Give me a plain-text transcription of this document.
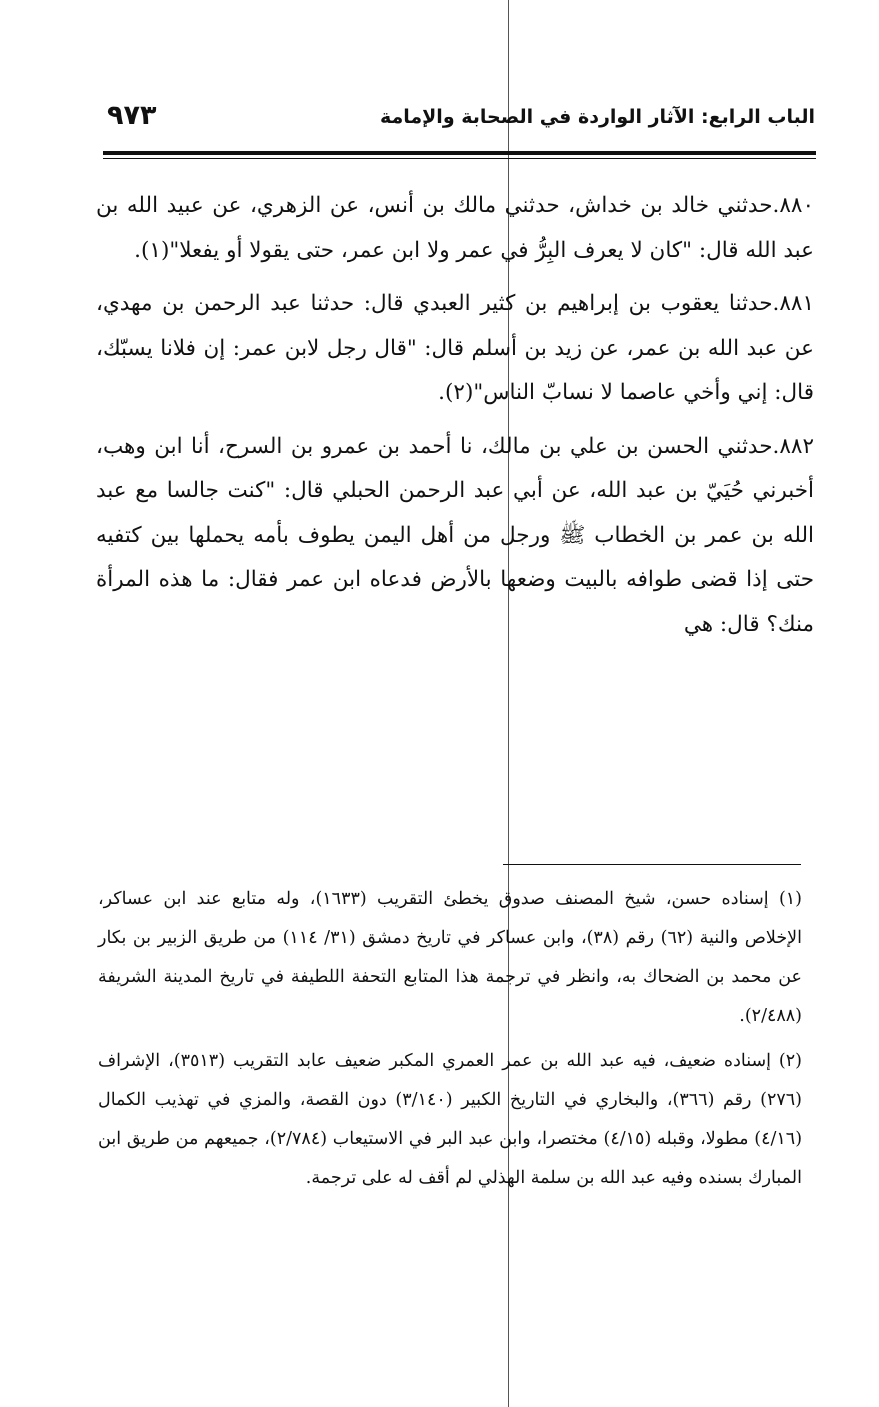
الباب الرابع: الآثار الواردة في الصحابة والإمامة
٩٧٣

٨٨٠.حدثني خالد بن خداش، حدثني مالك بن أنس، عن الزهري، عن عبيد الله بن عبد الله قال: "كان لا يعرف البِرُّ في عمر ولا ابن عمر، حتى يقولا أو يفعلا"(١).

٨٨١.حدثنا يعقوب بن إبراهيم بن كثير العبدي قال: حدثنا عبد الرحمن بن مهدي، عن عبد الله بن عمر، عن زيد بن أسلم قال: "قال رجل لابن عمر: إن فلانا يسبّك، قال: إني وأخي عاصما لا نسابّ الناس"(٢).

٨٨٢.حدثني الحسن بن علي بن مالك، نا أحمد بن عمرو بن السرح، أنا ابن وهب، أخبرني حُيَيّ بن عبد الله، عن أبي عبد الرحمن الحبلي قال: "كنت جالسا مع عبد الله بن عمر بن الخطاب ﷺ ورجل من أهل اليمن يطوف بأمه يحملها بين كتفيه حتى إذا قضى طوافه بالبيت وضعها بالأرض فدعاه ابن عمر فقال: ما هذه المرأة منك؟ قال: هي

(١) إسناده حسن، شيخ المصنف صدوق يخطئ التقريب (١٦٣٣)، وله متابع عند ابن عساكر، الإخلاص والنية (٦٢) رقم (٣٨)، وابن عساكر في تاريخ دمشق (٣١/ ١١٤) من طريق الزبير بن بكار عن محمد بن الضحاك به، وانظر في ترجمة هذا المتابع التحفة اللطيفة في تاريخ المدينة الشريفة (٢/٤٨٨).

(٢) إسناده ضعيف، فيه عبد الله بن عمر العمري المكبر ضعيف عابد التقريب (٣٥١٣)، الإشراف (٢٧٦) رقم (٣٦٦)، والبخاري في التاريخ الكبير (٣/١٤٠) دون القصة، والمزي في تهذيب الكمال (٤/١٦) مطولا، وقبله (٤/١٥) مختصرا، وابن عبد البر في الاستيعاب (٢/٧٨٤)، جميعهم من طريق ابن المبارك بسنده وفيه عبد الله بن سلمة الهذلي لم أقف له على ترجمة.
